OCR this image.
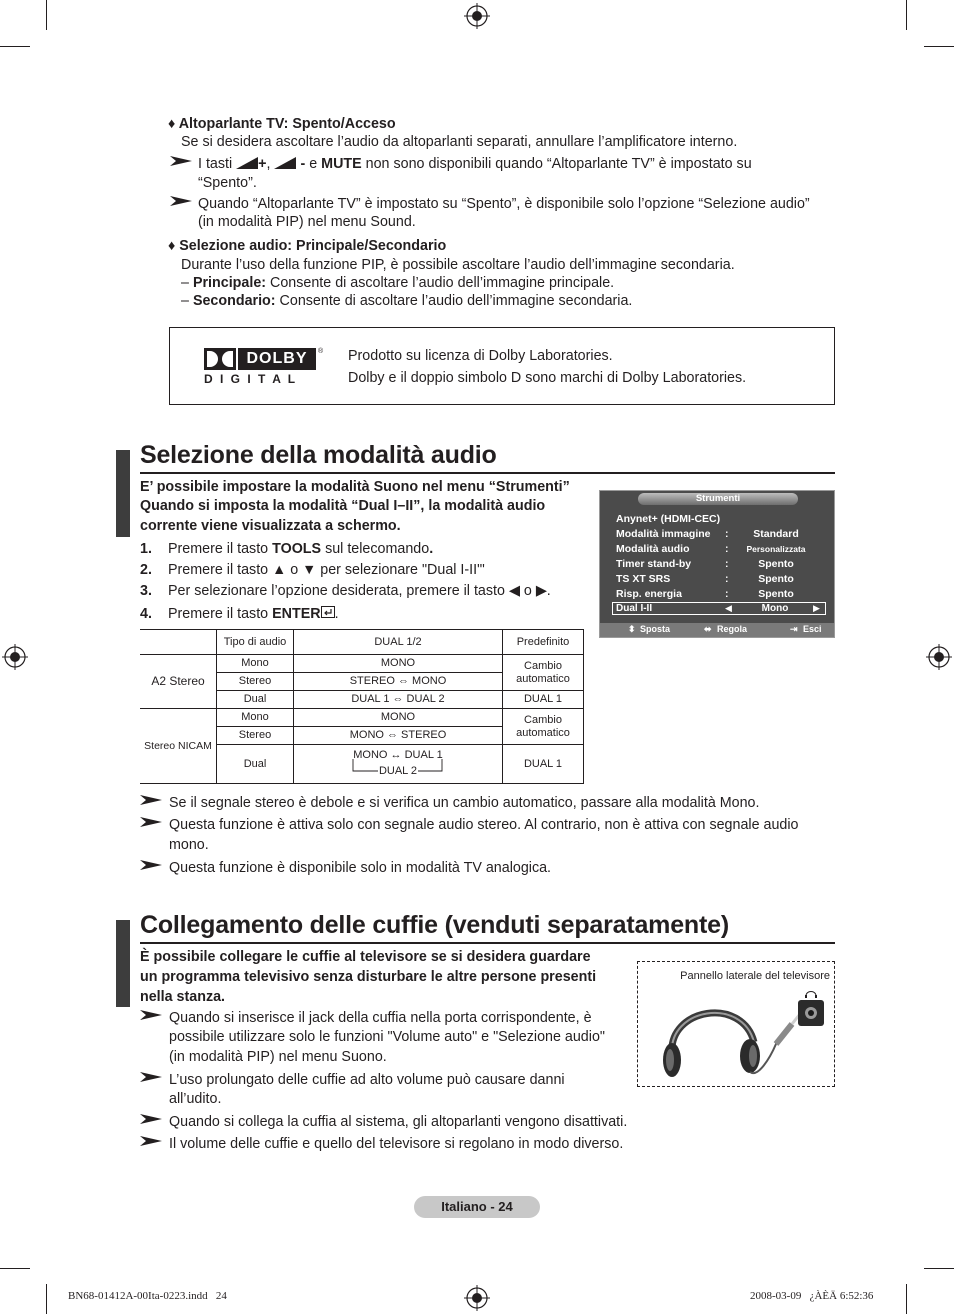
♦ Altoparlante TV: Spento/Acceso
Se si desidera ascoltare l’audio da altoparlanti separati, annullare l’amplificatore interno.
I tasti +, - e MUTE non sono disponibili quando “Altoparlante TV” è impostato su
“Spento”.
Quando “Altoparlante TV” è impostato su “Spento”, è disponibile solo l’opzione “Selezione audio”
(in modalità PIP) nel menu Sound.
♦ Selezione audio: Principale/Secondario
Durante l’uso della funzione PIP, è possibile ascoltare l’audio dell’immagine secondaria.
– Principale: Consente di ascoltare l’audio dell’immagine principale.
– Secondario: Consente di ascoltare l’audio dell’immagine secondaria.
DOLBY	®
D I G I T A L
Prodotto su licenza di Dolby Laboratories.
Dolby e il doppio simbolo D sono marchi di Dolby Laboratories.
Selezione della modalità audio
E’ possibile impostare la modalità Suono nel menu “Strumenti”
Quando si imposta la modalità “Dual I–II”, la modalità audio
corrente viene visualizzata a schermo.
1. Premere il tasto TOOLS sul telecomando.
2. Premere il tasto ▲ o ▼ per selezionare "Dual I-II"'
3. Per selezionare l’opzione desiderata, premere il tasto ◀ o ▶.
4. Premere il tasto ENTER .
	Tipo di audio	DUAL 1/2	Predefinito
A2 Stereo	Mono	MONO	Cambio
automatico
	Stereo	STEREO ⇔ MONO	
	Dual	DUAL 1 ⇔ DUAL 2	DUAL 1
Stereo NICAM	Mono	MONO	Cambio
automatico
	Stereo	MONO ⇔ STEREO	
	Dual	MONO ↔ DUAL 1
DUAL 2	DUAL 1
Strumenti
Anynet+ (HDMI-CEC)
Modalità immagine :	Standard
Modalità audio	:	Personalizzata
Timer stand-by	:	Spento
TS XT SRS	:	Spento
Risp. energia	:	Spento
Dual I-II	◀	Mono	▶
⬍ Sposta	⬌ Regola	⇥ Esci
Se il segnale stereo è debole e si verifica un cambio automatico, passare alla modalità Mono.
Questa funzione è attiva solo con segnale audio stereo. Al contrario, non è attiva con segnale audio
mono.
Questa funzione è disponibile solo in modalità TV analogica.
Collegamento delle cuffie (venduti separatamente)
È possibile collegare le cuffie al televisore se si desidera guardare
un programma televisivo senza disturbare le altre persone presenti
nella stanza.
Quando si inserisce il jack della cuffia nella porta corrispondente, è
possibile utilizzare solo le funzioni "Volume auto" e "Selezione audio"
(in modalità PIP) nel menu Suono.
L’uso prolungato delle cuffie ad alto volume può causare danni
all’udito.
Quando si collega la cuffia al sistema, gli altoparlanti vengono disattivati.
Il volume delle cuffie e quello del televisore si regolano in modo diverso.
Pannello laterale del televisore
Italiano - 24
BN68-01412A-00Ita-0223.indd   24	2008-03-09   ¿ÀÈÄ 6:52:36
